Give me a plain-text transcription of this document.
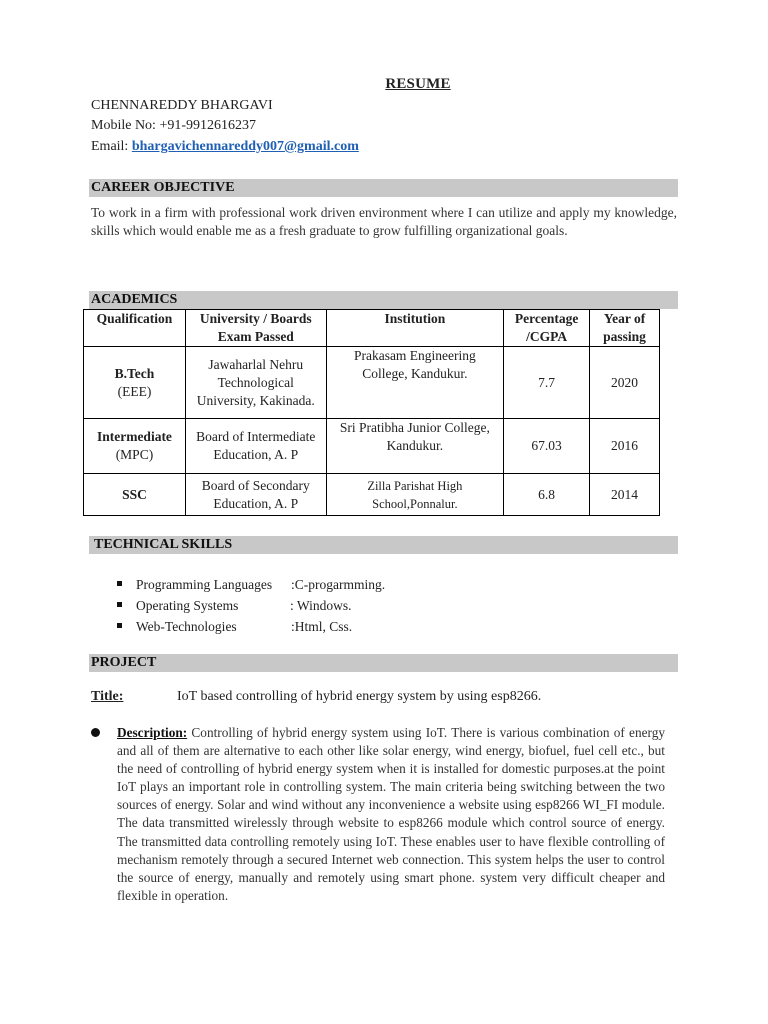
RESUME
CHENNAREDDY BHARGAVI
Mobile No: +91-9912616237
Email: bhargavichennareddy007@gmail.com
CAREER OBJECTIVE
To work in a firm with professional work driven environment where I can utilize and apply my knowledge, skills which would enable me as a fresh graduate to grow fulfilling organizational goals.
ACADEMICS
Qualification	University / Boards Exam Passed	Institution	Percentage /CGPA	Year of passing

B.Tech
(EEE)	Jawaharlal Nehru Technological University, Kakinada.	Prakasam Engineering College, Kandukur.	7.7	2020

Intermediate
(MPC)	Board of Intermediate Education, A. P	Sri Pratibha Junior College, Kandukur.	67.03	2016

SSC	Board of Secondary Education, A. P	Zilla Parishat High School,Ponnalur.	6.8	2014
TECHNICAL SKILLS
Programming Languages :C-progarmming.
Operating Systems	: Windows.
Web-Technologies	:Html, Css.
PROJECT
Title:	IoT based controlling of hybrid energy system by using esp8266.
Description: Controlling of hybrid energy system using IoT. There is various combination of energy and all of them are alternative to each other like solar energy, wind energy, biofuel, fuel cell etc., but the need of controlling of hybrid energy system when it is installed for domestic purposes.at the point IoT plays an important role in controlling system. The main criteria being switching between the two sources of energy. Solar and wind without any inconvenience a website using esp8266 WI_FI module. The data transmitted wirelessly through website to esp8266 module which control source of energy. The transmitted data controlling remotely using IoT. These enables user to have flexible controlling of mechanism remotely through a secured Internet web connection. This system helps the user to control the source of energy, manually and remotely using smart phone. system very difficult cheaper and flexible in operation.
